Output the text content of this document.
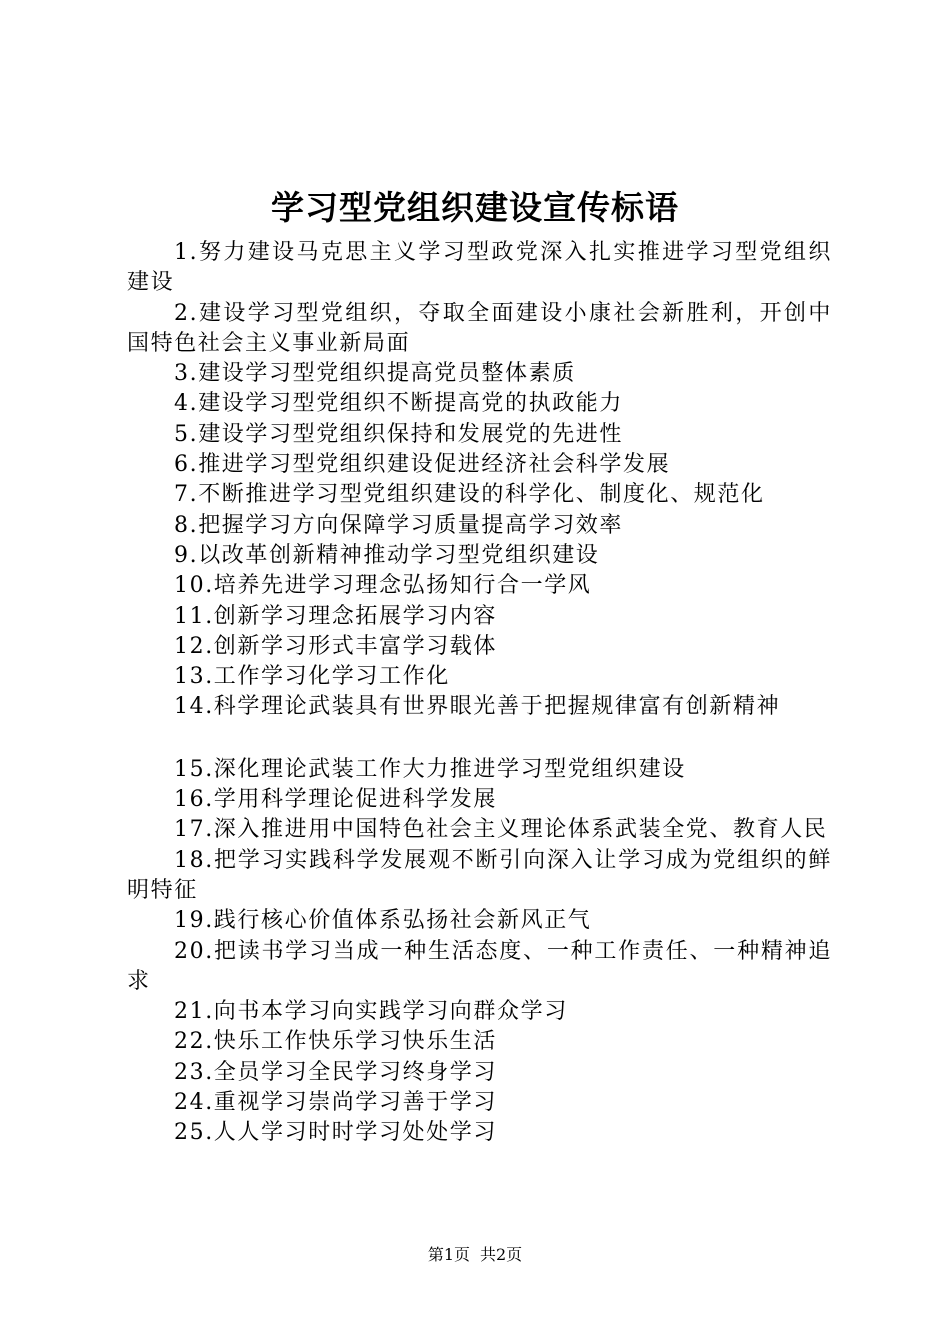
学习型党组织建设宣传标语

1.努力建设马克思主义学习型政党深入扎实推进学习型党组织建设

2.建设学习型党组织，夺取全面建设小康社会新胜利，开创中国特色社会主义事业新局面

3.建设学习型党组织提高党员整体素质

4.建设学习型党组织不断提高党的执政能力

5.建设学习型党组织保持和发展党的先进性

6.推进学习型党组织建设促进经济社会科学发展

7.不断推进学习型党组织建设的科学化、制度化、规范化

8.把握学习方向保障学习质量提高学习效率

9.以改革创新精神推动学习型党组织建设

10.培养先进学习理念弘扬知行合一学风

11.创新学习理念拓展学习内容

12.创新学习形式丰富学习载体

13.工作学习化学习工作化

14.科学理论武装具有世界眼光善于把握规律富有创新精神

15.深化理论武装工作大力推进学习型党组织建设

16.学用科学理论促进科学发展

17.深入推进用中国特色社会主义理论体系武装全党、教育人民

18.把学习实践科学发展观不断引向深入让学习成为党组织的鲜明特征

19.践行核心价值体系弘扬社会新风正气

20.把读书学习当成一种生活态度、一种工作责任、一种精神追求

21.向书本学习向实践学习向群众学习

22.快乐工作快乐学习快乐生活

23.全员学习全民学习终身学习

24.重视学习崇尚学习善于学习

25.人人学习时时学习处处学习

第1页 共2页
